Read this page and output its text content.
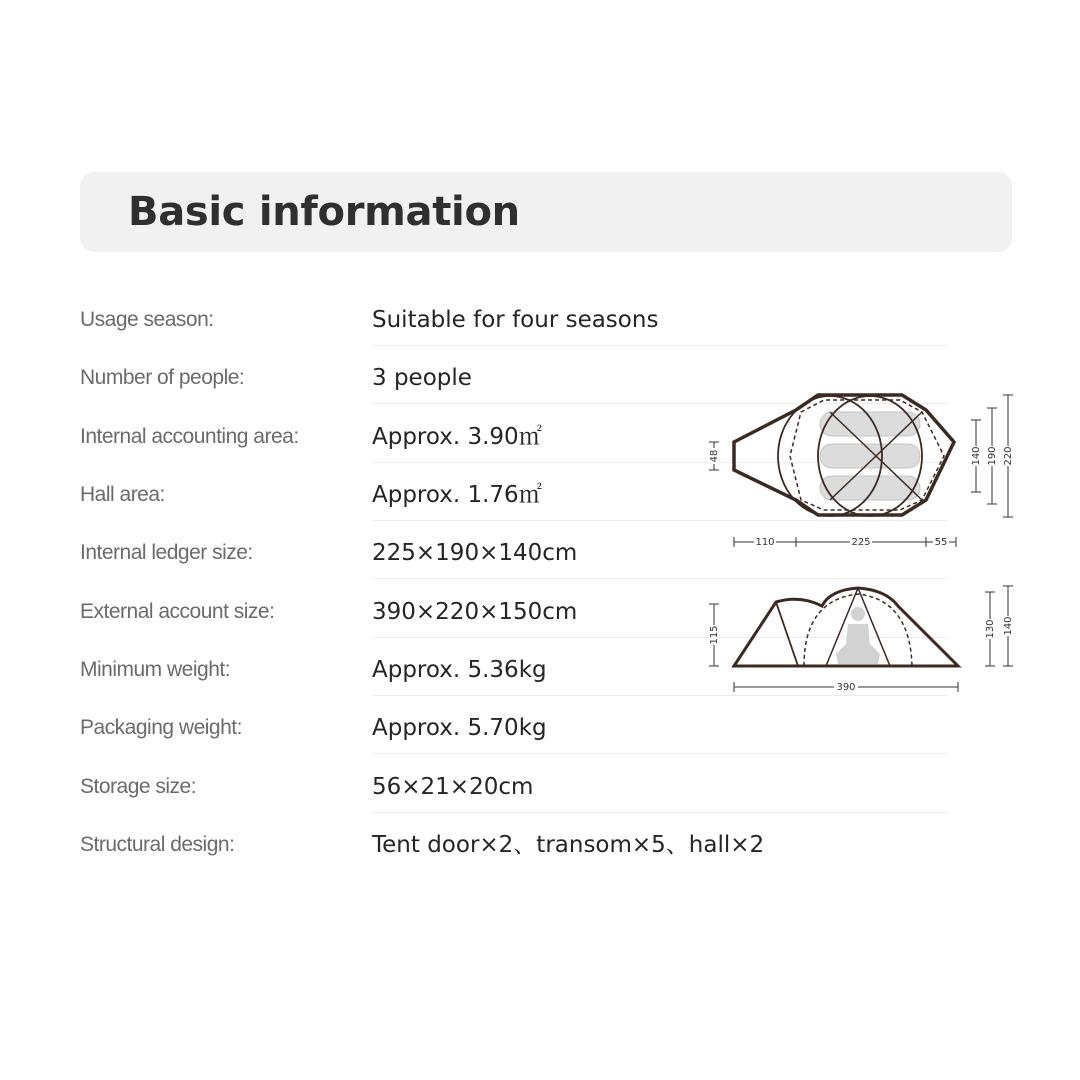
Basic information
Usage season:	Suitable for four seasons
Number of people:	3 people
Internal accounting area:	Approx. 3.90㎡
Hall area:	Approx. 1.76㎡
Internal ledger size:	225×190×140cm
External account size:	390×220×150cm
Minimum weight:	Approx. 5.36kg
Packaging weight:	Approx. 5.70kg
Storage size:	56×21×20cm
Structural design:	Tent door×2、transom×5、hall×2
48	140 190 220
110	225	55
115	130 140
390
